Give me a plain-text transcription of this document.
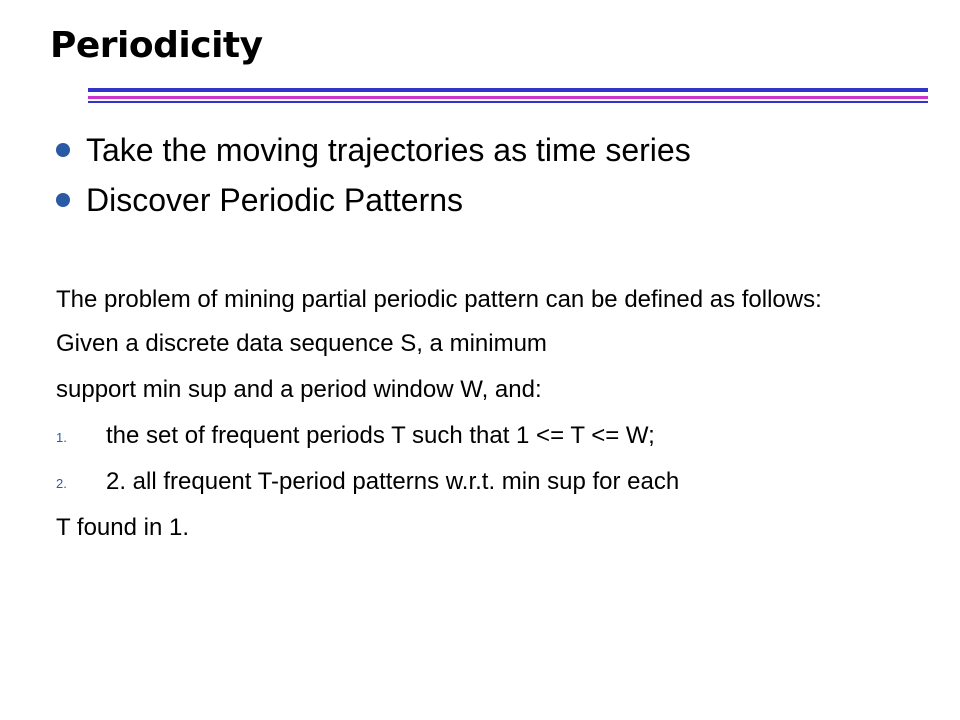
Periodicity
Take the moving trajectories as time series
Discover Periodic Patterns

The problem of mining partial periodic pattern can be defined as follows:

Given a discrete data sequence S, a minimum

support min sup and a period window W, and:

1. the set of frequent periods T such that 1 <= T <= W;
2. 2. all frequent T-period patterns w.r.t. min sup for each

T found in 1.
